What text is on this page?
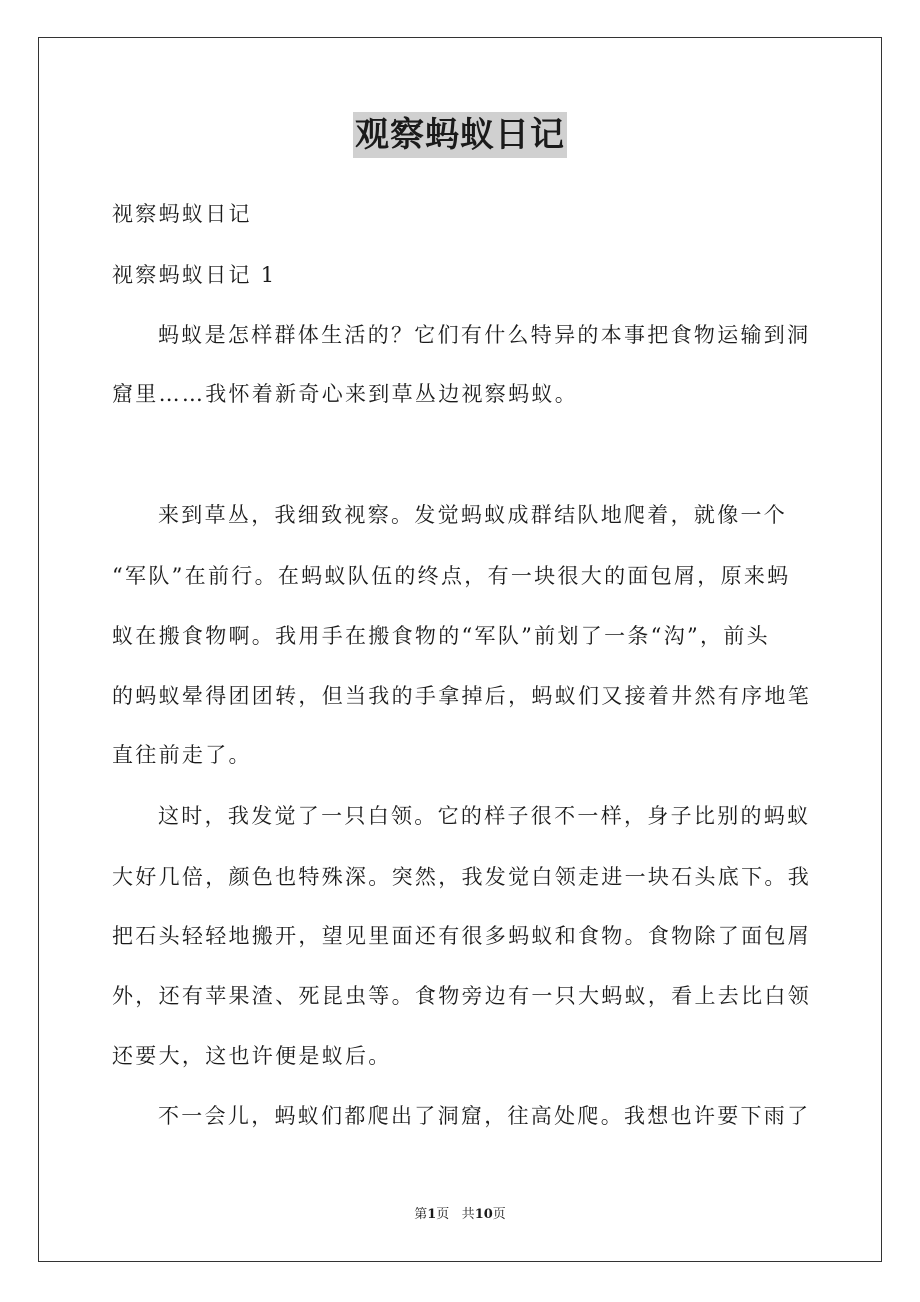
观察蚂蚁日记
视察蚂蚁日记
视察蚂蚁日记 1
蚂蚁是怎样群体生活的？它们有什么特异的本事把食物运输到洞
窟里……我怀着新奇心来到草丛边视察蚂蚁。
来到草丛，我细致视察。发觉蚂蚁成群结队地爬着，就像一个
“军队”在前行。在蚂蚁队伍的终点，有一块很大的面包屑，原来蚂
蚁在搬食物啊。我用手在搬食物的“军队”前划了一条“沟”，前头
的蚂蚁晕得团团转，但当我的手拿掉后，蚂蚁们又接着井然有序地笔
直往前走了。
这时，我发觉了一只白领。它的样子很不一样，身子比别的蚂蚁
大好几倍，颜色也特殊深。突然，我发觉白领走进一块石头底下。我
把石头轻轻地搬开，望见里面还有很多蚂蚁和食物。食物除了面包屑
外，还有苹果渣、死昆虫等。食物旁边有一只大蚂蚁，看上去比白领
还要大，这也许便是蚁后。
不一会儿，蚂蚁们都爬出了洞窟，往高处爬。我想也许要下雨了
第1页 共10页
